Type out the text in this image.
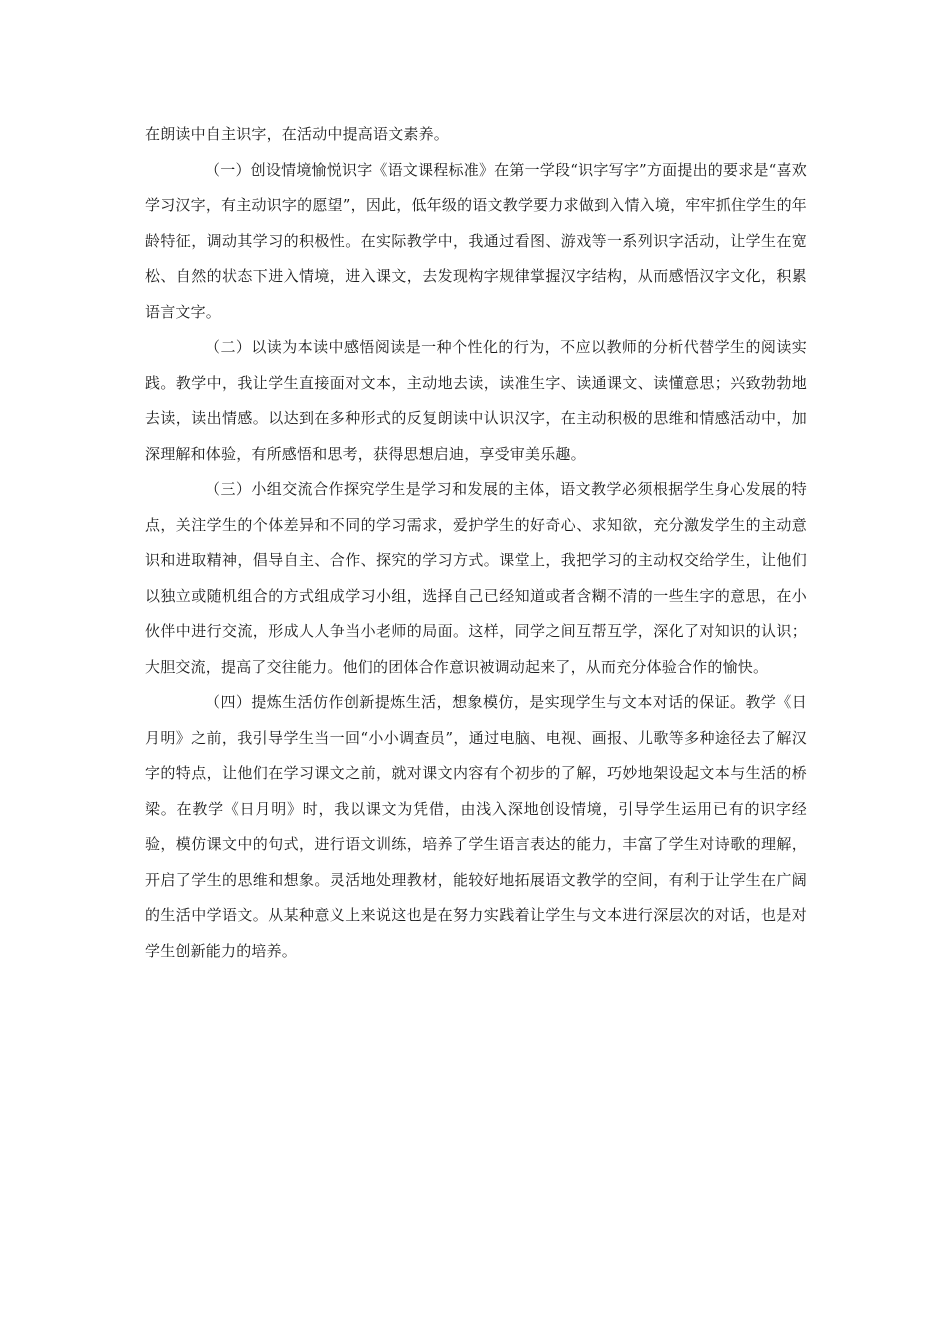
在朗读中自主识字，在活动中提高语文素养。

（一）创设情境愉悦识字《语文课程标准》在第一学段“识字写字”方面提出的要求是“喜欢学习汉字，有主动识字的愿望”，因此，低年级的语文教学要力求做到入情入境，牢牢抓住学生的年龄特征，调动其学习的积极性。在实际教学中，我通过看图、游戏等一系列识字活动，让学生在宽松、自然的状态下进入情境，进入课文，去发现构字规律掌握汉字结构，从而感悟汉字文化，积累语言文字。

（二）以读为本读中感悟阅读是一种个性化的行为，不应以教师的分析代替学生的阅读实践。教学中，我让学生直接面对文本，主动地去读，读准生字、读通课文、读懂意思；兴致勃勃地去读，读出情感。以达到在多种形式的反复朗读中认识汉字，在主动积极的思维和情感活动中，加深理解和体验，有所感悟和思考，获得思想启迪，享受审美乐趣。

（三）小组交流合作探究学生是学习和发展的主体，语文教学必须根据学生身心发展的特点，关注学生的个体差异和不同的学习需求，爱护学生的好奇心、求知欲，充分激发学生的主动意识和进取精神，倡导自主、合作、探究的学习方式。课堂上，我把学习的主动权交给学生，让他们以独立或随机组合的方式组成学习小组，选择自己已经知道或者含糊不清的一些生字的意思，在小伙伴中进行交流，形成人人争当小老师的局面。这样，同学之间互帮互学，深化了对知识的认识；大胆交流，提高了交往能力。他们的团体合作意识被调动起来了，从而充分体验合作的愉快。

（四）提炼生活仿作创新提炼生活，想象模仿，是实现学生与文本对话的保证。教学《日月明》之前，我引导学生当一回“小小调查员”，通过电脑、电视、画报、儿歌等多种途径去了解汉字的特点，让他们在学习课文之前，就对课文内容有个初步的了解，巧妙地架设起文本与生活的桥梁。在教学《日月明》时，我以课文为凭借，由浅入深地创设情境，引导学生运用已有的识字经验，模仿课文中的句式，进行语文训练，培养了学生语言表达的能力，丰富了学生对诗歌的理解，开启了学生的思维和想象。灵活地处理教材，能较好地拓展语文教学的空间，有利于让学生在广阔的生活中学语文。从某种意义上来说这也是在努力实践着让学生与文本进行深层次的对话，也是对学生创新能力的培养。
